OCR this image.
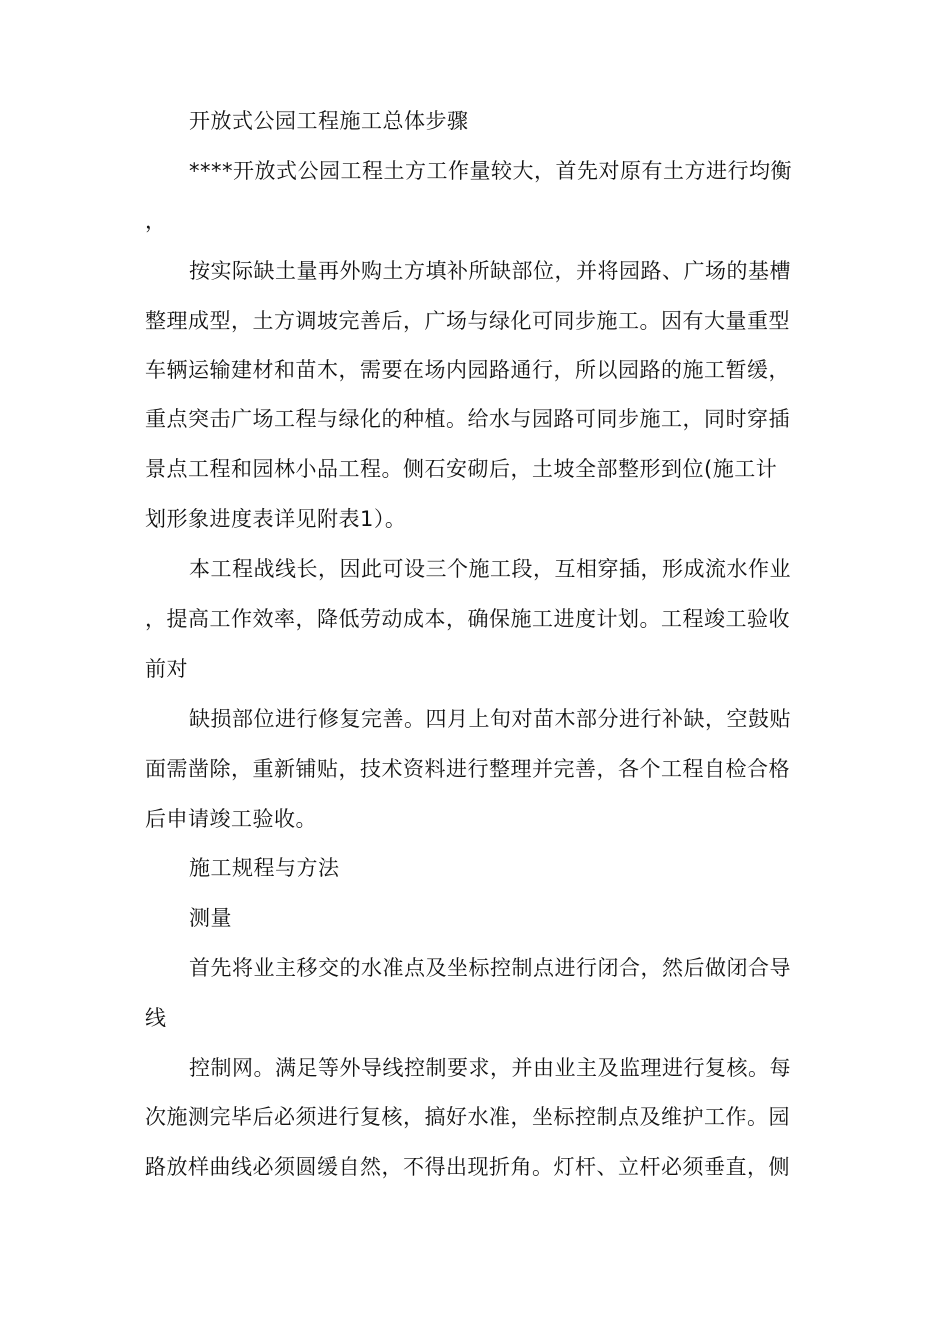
开放式公园工程施工总体步骤
****开放式公园工程土方工作量较大，首先对原有土方进行均衡
，
按实际缺土量再外购土方填补所缺部位，并将园路、广场的基槽
整理成型，土方调坡完善后，广场与绿化可同步施工。因有大量重型
车辆运输建材和苗木，需要在场内园路通行，所以园路的施工暂缓，
重点突击广场工程与绿化的种植。给水与园路可同步施工，同时穿插
景点工程和园林小品工程。侧石安砌后，土坡全部整形到位(施工计
划形象进度表详见附表1）。
本工程战线长，因此可设三个施工段，互相穿插，形成流水作业
，提高工作效率，降低劳动成本，确保施工进度计划。工程竣工验收
前对
缺损部位进行修复完善。四月上旬对苗木部分进行补缺，空鼓贴
面需凿除，重新铺贴，技术资料进行整理并完善，各个工程自检合格
后申请竣工验收。
施工规程与方法
测量
首先将业主移交的水准点及坐标控制点进行闭合，然后做闭合导
线
控制网。满足等外导线控制要求，并由业主及监理进行复核。每
次施测完毕后必须进行复核，搞好水准，坐标控制点及维护工作。园
路放样曲线必须圆缓自然，不得出现折角。灯杆、立杆必须垂直，侧
